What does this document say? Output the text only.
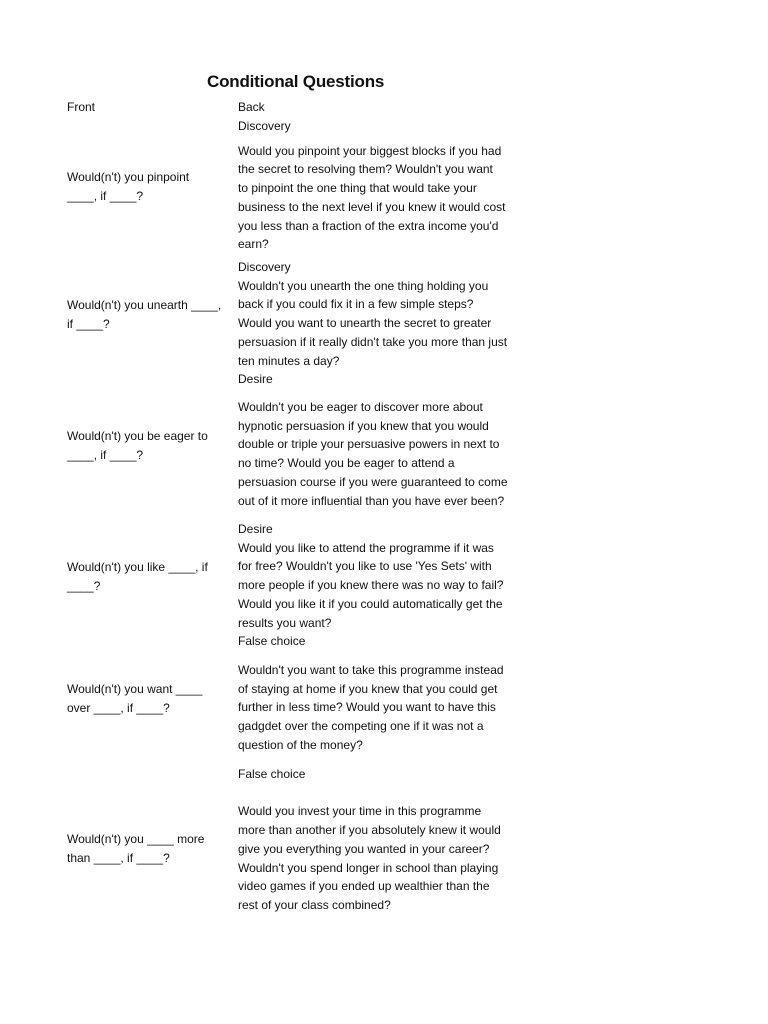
Conditional Questions
Front	Back
Discovery
Would you pinpoint your biggest blocks if you had
the secret to resolving them? Wouldn't you want
to pinpoint the one thing that would take your
business to the next level if you knew it would cost
you less than a fraction of the extra income you'd
earn?
Would(n't) you pinpoint
____, if ____?
Discovery
Wouldn't you unearth the one thing holding you
back if you could fix it in a few simple steps?
Would you want to unearth the secret to greater
persuasion if it really didn't take you more than just
ten minutes a day?
Desire
Would(n't) you unearth ____,
if ____?
Wouldn't you be eager to discover more about
hypnotic persuasion if you knew that you would
double or triple your persuasive powers in next to
no time? Would you be eager to attend a
persuasion course if you were guaranteed to come
out of it more influential than you have ever been?
Would(n't) you be eager to
____, if ____?
Desire
Would you like to attend the programme if it was
for free? Wouldn't you like to use 'Yes Sets' with
more people if you knew there was no way to fail?
Would you like it if you could automatically get the
results you want?
False choice
Would(n't) you like ____, if
____?
Wouldn't you want to take this programme instead
of staying at home if you knew that you could get
further in less time? Would you want to have this
gadgdet over the competing one if it was not a
question of the money?
Would(n't) you want ____
over ____, if ____?
False choice
Would you invest your time in this programme
more than another if you absolutely knew it would
give you everything you wanted in your career?
Wouldn't you spend longer in school than playing
video games if you ended up wealthier than the
rest of your class combined?
Would(n't) you ____ more
than ____, if ____?
